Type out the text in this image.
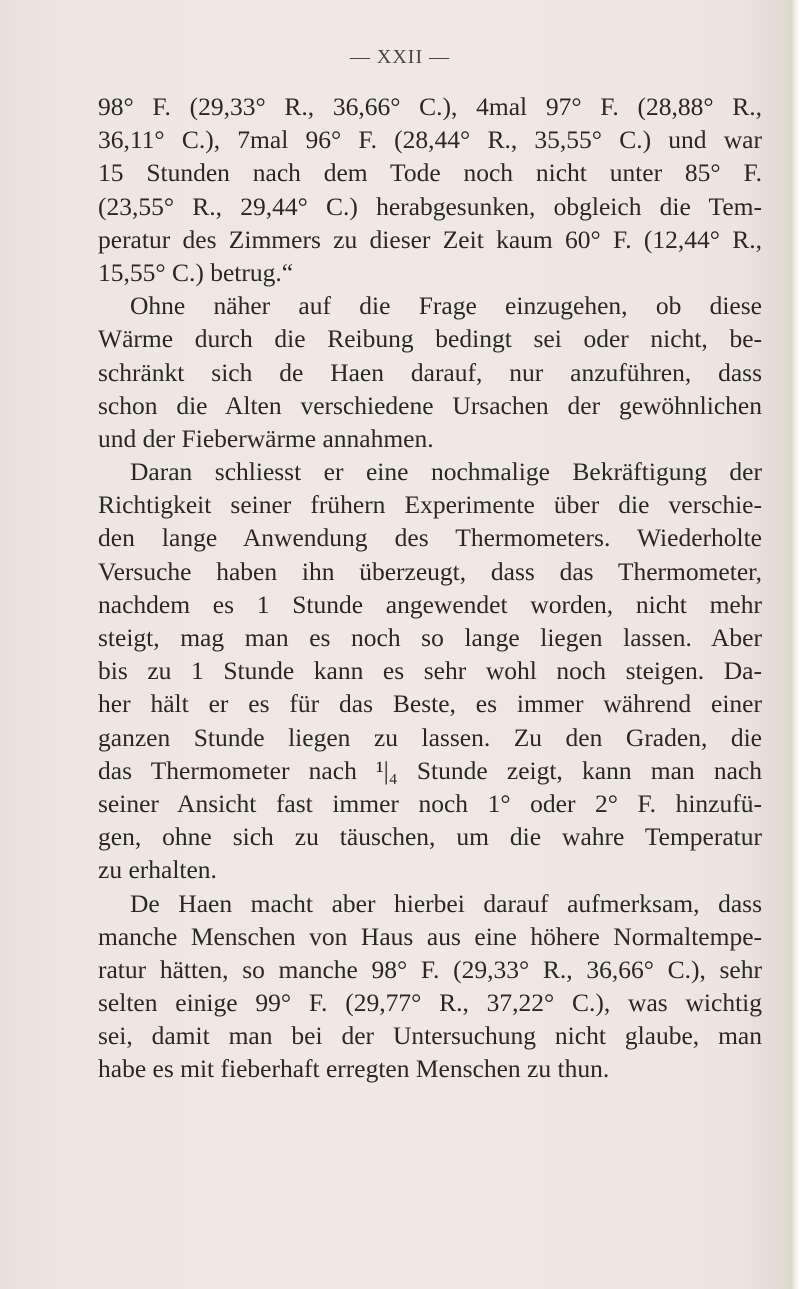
— XXII —
98° F. (29,33° R., 36,66° C.), 4mal 97° F. (28,88° R.,
36,11° C.), 7mal 96° F. (28,44° R., 35,55° C.) und war
15 Stunden nach dem Tode noch nicht unter 85° F.
(23,55° R., 29,44° C.) herabgesunken, obgleich die Tem-
peratur des Zimmers zu dieser Zeit kaum 60° F. (12,44° R.,
15,55° C.) betrug.“
Ohne näher auf die Frage einzugehen, ob diese
Wärme durch die Reibung bedingt sei oder nicht, be-
schränkt sich de Haen darauf, nur anzuführen, dass
schon die Alten verschiedene Ursachen der gewöhnlichen
und der Fieberwärme annahmen.
Daran schliesst er eine nochmalige Bekräftigung der
Richtigkeit seiner frühern Experimente über die verschie-
den lange Anwendung des Thermometers. Wiederholte
Versuche haben ihn überzeugt, dass das Thermometer,
nachdem es 1 Stunde angewendet worden, nicht mehr
steigt, mag man es noch so lange liegen lassen. Aber
bis zu 1 Stunde kann es sehr wohl noch steigen. Da-
her hält er es für das Beste, es immer während einer
ganzen Stunde liegen zu lassen. Zu den Graden, die
das Thermometer nach ¹|₄ Stunde zeigt, kann man nach
seiner Ansicht fast immer noch 1° oder 2° F. hinzufü-
gen, ohne sich zu täuschen, um die wahre Temperatur
zu erhalten.
De Haen macht aber hierbei darauf aufmerksam, dass
manche Menschen von Haus aus eine höhere Normaltempe-
ratur hätten, so manche 98° F. (29,33° R., 36,66° C.), sehr
selten einige 99° F. (29,77° R., 37,22° C.), was wichtig
sei, damit man bei der Untersuchung nicht glaube, man
habe es mit fieberhaft erregten Menschen zu thun.
